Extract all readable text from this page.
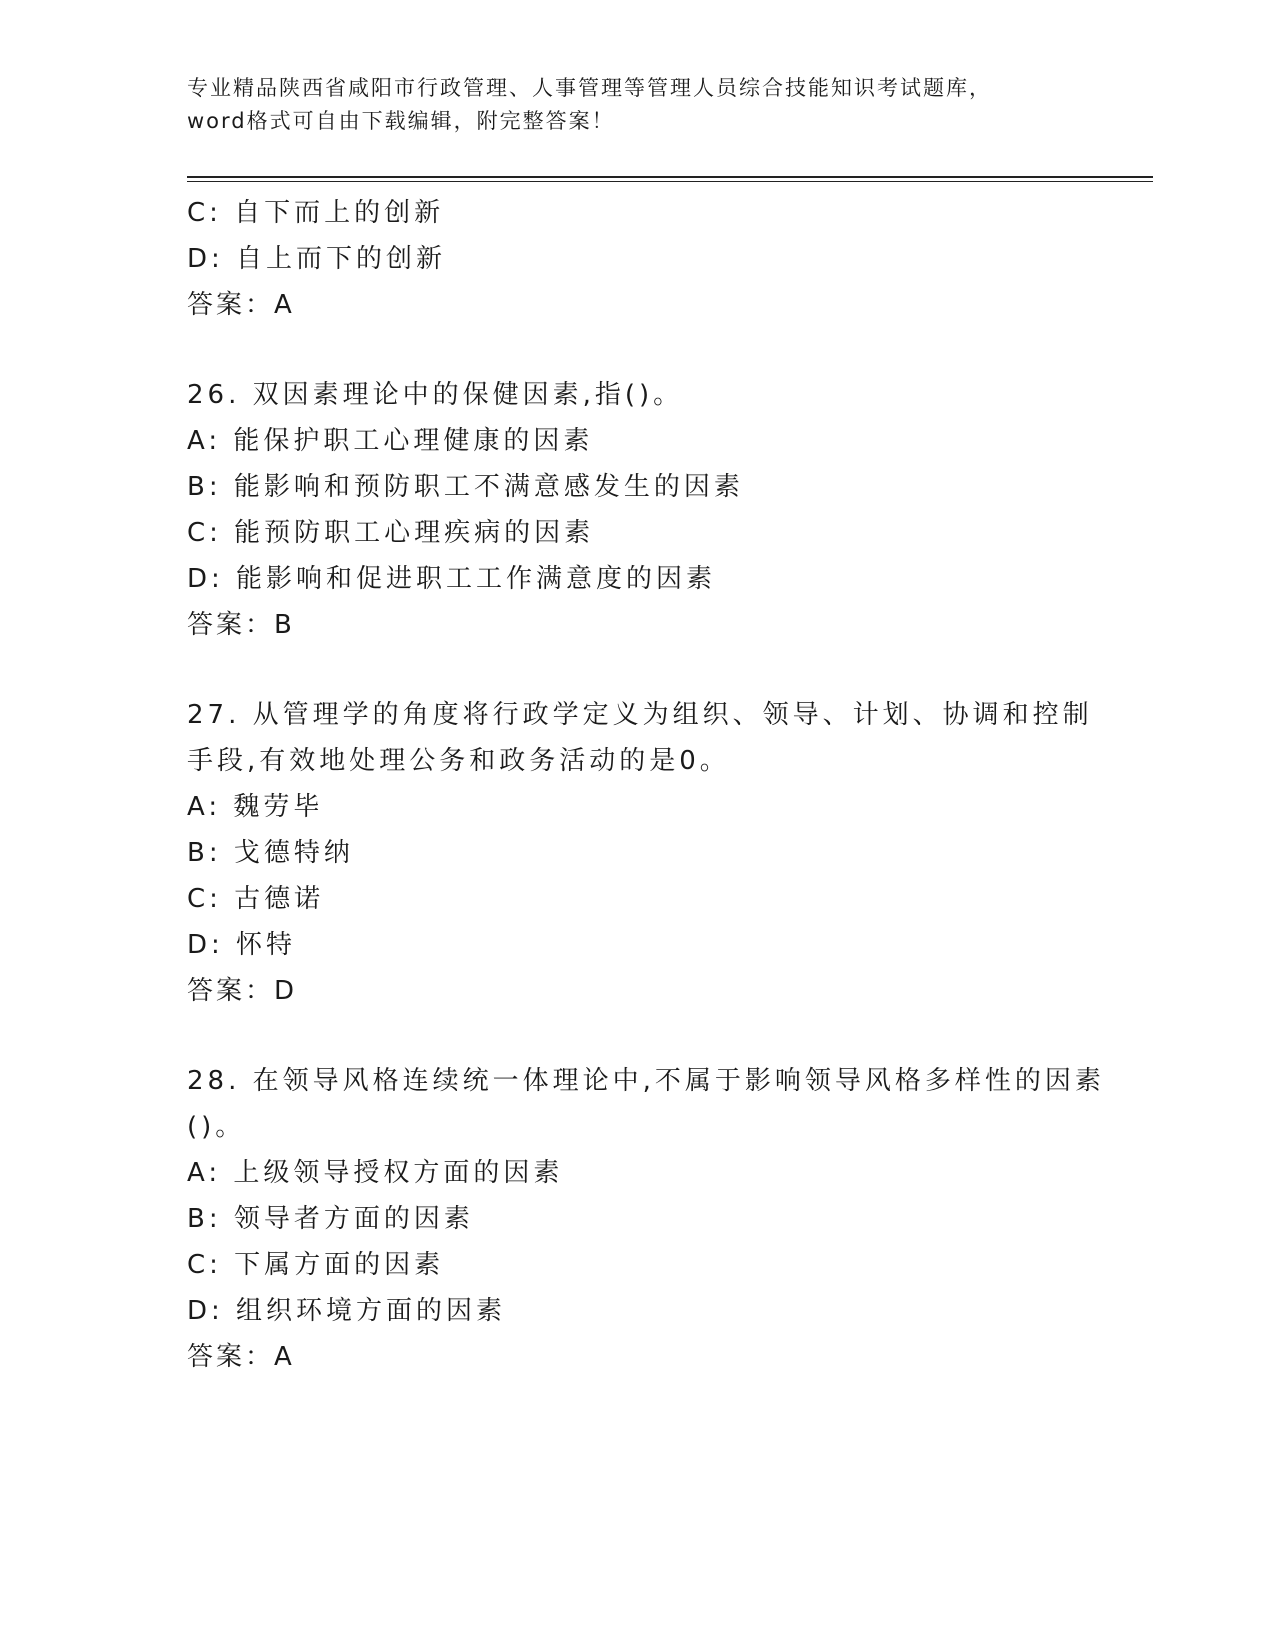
专业精品陕西省咸阳市行政管理、人事管理等管理人员综合技能知识考试题库，
word格式可自由下载编辑，附完整答案！
C: 自下而上的创新
D: 自上而下的创新
答案：A
26. 双因素理论中的保健因素,指()。
A: 能保护职工心理健康的因素
B: 能影响和预防职工不满意感发生的因素
C: 能预防职工心理疾病的因素
D: 能影响和促进职工工作满意度的因素
答案：B
27. 从管理学的角度将行政学定义为组织、领导、计划、协调和控制
手段,有效地处理公务和政务活动的是0。
A: 魏劳毕
B: 戈德特纳
C: 古德诺
D: 怀特
答案：D
28. 在领导风格连续统一体理论中,不属于影响领导风格多样性的因素
()。
A: 上级领导授权方面的因素
B: 领导者方面的因素
C: 下属方面的因素
D: 组织环境方面的因素
答案：A
